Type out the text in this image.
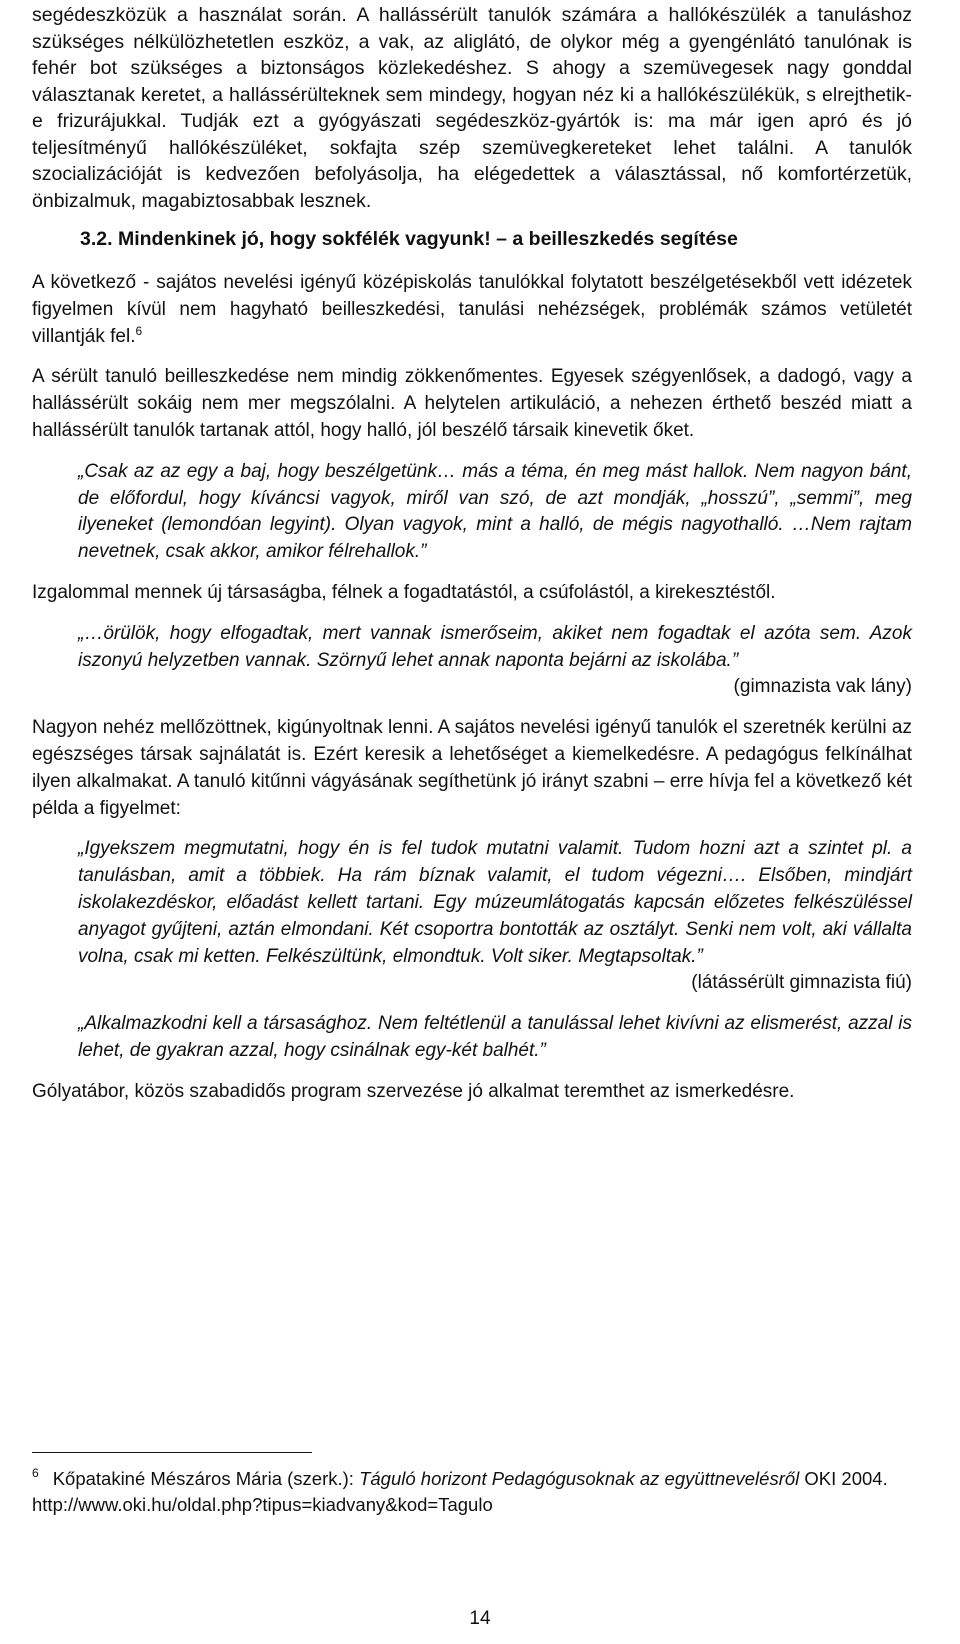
segédeszközük a használat során. A hallássérült tanulók számára a hallókészülék a tanuláshoz szükséges nélkülözhetetlen eszköz, a vak, az aliglátó, de olykor még a gyengénlátó tanulónak is fehér bot szükséges a biztonságos közlekedéshez. S ahogy a szemüvegesek nagy gonddal választanak keretet, a hallássérülteknek sem mindegy, hogyan néz ki a hallókészülékük, s elrejthetik-e frizurájukkal. Tudják ezt a gyógyászati segédeszköz-gyártók is: ma már igen apró és jó teljesítményű hallókészüléket, sokfajta szép szemüvegkereteket lehet találni. A tanulók szocializációját is kedvezően befolyásolja, ha elégedettek a választással, nő komfortérzetük, önbizalmuk, magabiztosabbak lesznek.

3.2. Mindenkinek jó, hogy sokfélék vagyunk! – a beilleszkedés segítése

A következő - sajátos nevelési igényű középiskolás tanulókkal folytatott beszélgetésekből vett idézetek figyelmen kívül nem hagyható beilleszkedési, tanulási nehézségek, problémák számos vetületét villantják fel.$^6$

A sérült tanuló beilleszkedése nem mindig zökkenőmentes. Egyesek szégyenlősek, a dadogó, vagy a hallássérült sokáig nem mer megszólalni. A helytelen artikuláció, a nehezen érthető beszéd miatt a hallássérült tanulók tartanak attól, hogy halló, jól beszélő társaik kinevetik őket.

„Csak az az egy a baj, hogy beszélgetünk… más a téma, én meg mást hallok. Nem nagyon bánt, de előfordul, hogy kíváncsi vagyok, miről van szó, de azt mondják, „hosszú”, „semmi”, meg ilyeneket (lemondóan legyint). Olyan vagyok, mint a halló, de mégis nagyothalló. …Nem rajtam nevetnek, csak akkor, amikor félrehallok.”

Izgalommal mennek új társaságba, félnek a fogadtatástól, a csúfolástól, a kirekesztéstől.

„…örülök, hogy elfogadtak, mert vannak ismerőseim, akiket nem fogadtak el azóta sem. Azok iszonyú helyzetben vannak. Szörnyű lehet annak naponta bejárni az iskolába.”

(gimnazista vak lány)

Nagyon nehéz mellőzöttnek, kigúnyoltnak lenni. A sajátos nevelési igényű tanulók el szeretnék kerülni az egészséges társak sajnálatát is. Ezért keresik a lehetőséget a kiemelkedésre. A pedagógus felkínálhat ilyen alkalmakat. A tanuló kitűnni vágyásának segíthetünk jó irányt szabni – erre hívja fel a következő két példa a figyelmet:

„Igyekszem megmutatni, hogy én is fel tudok mutatni valamit. Tudom hozni azt a szintet pl. a tanulásban, amit a többiek. Ha rám bíznak valamit, el tudom végezni…. Elsőben, mindjárt iskolakezdéskor, előadást kellett tartani. Egy múzeumlátogatás kapcsán előzetes felkészüléssel anyagot gyűjteni, aztán elmondani. Két csoportra bontották az osztályt. Senki nem volt, aki vállalta volna, csak mi ketten. Felkészültünk, elmondtuk. Volt siker. Megtapsoltak.”

(látássérült gimnazista fiú)

„Alkalmazkodni kell a társasághoz. Nem feltétlenül a tanulással lehet kivívni az elismerést, azzal is lehet, de gyakran azzal, hogy csinálnak egy-két balhét.”

Gólyatábor, közös szabadidős program szervezése jó alkalmat teremthet az ismerkedésre.

$^6$ Kőpatakiné Mészáros Mária (szerk.): Táguló horizont Pedagógusoknak az együttnevelésről OKI 2004.

http://www.oki.hu/oldal.php?tipus=kiadvany&kod=Tagulo
14
